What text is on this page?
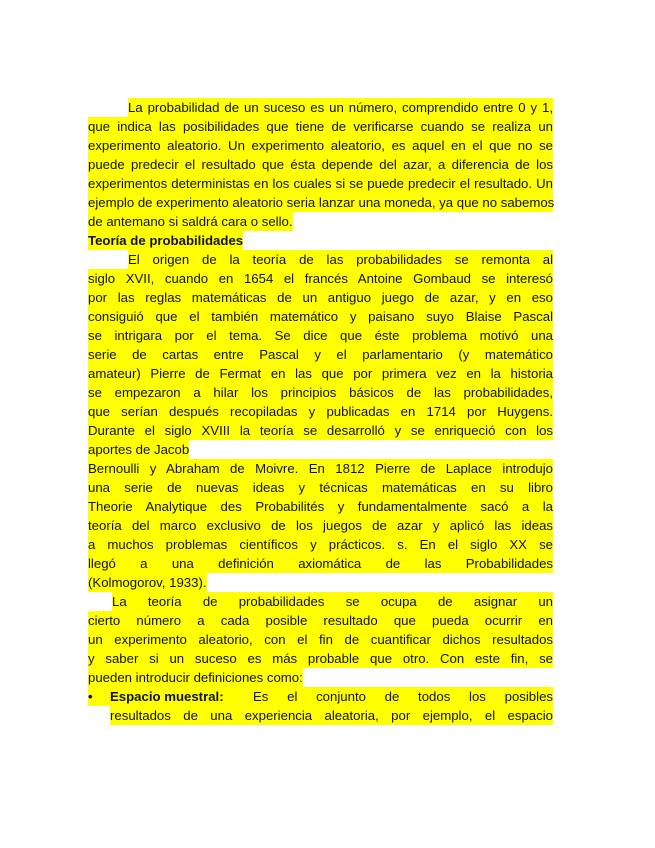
La probabilidad de un suceso es un número, comprendido entre 0 y 1,
que indica las posibilidades que tiene de verificarse cuando se realiza un
experimento aleatorio. Un experimento aleatorio, es aquel en el que no se
puede predecir el resultado que ésta depende del azar, a diferencia de los
experimentos deterministas en los cuales si se puede predecir el resultado. Un
ejemplo de experimento aleatorio seria lanzar una moneda, ya que no sabemos
de antemano si saldrá cara o sello.
Teoría de probabilidades
El origen de la teoría de las probabilidades se remonta al
siglo XVII, cuando en 1654 el francés Antoine Gombaud se interesó
por las reglas matemáticas de un antiguo juego de azar, y en eso
consiguió que el también matemático y paisano suyo Blaise Pascal
se intrigara por el tema. Se dice que éste problema motivó una
serie de cartas entre Pascal y el parlamentario (y matemático
amateur) Pierre de Fermat en las que por primera vez en la historia
se empezaron a hilar los principios básicos de las probabilidades,
que serían después recopiladas y publicadas en 1714 por Huygens.
Durante el siglo XVIII la teoría se desarrolló y se enriqueció con los
aportes de Jacob
Bernoulli y Abraham de Moivre. En 1812 Pierre de Laplace introdujo
una serie de nuevas ideas y técnicas matemáticas en su libro
Theorie Analytique des Probabilités y fundamentalmente sacó a la
teoría del marco exclusivo de los juegos de azar y aplicó las ideas
a muchos problemas científicos y prácticos. s. En el siglo XX se
llegó a una definición axiomática de las Probabilidades
(Kolmogorov, 1933).
La teoría de probabilidades se ocupa de asignar un
cierto número a cada posible resultado que pueda ocurrir en
un experimento aleatorio, con el fin de cuantificar dichos resultados
y saber si un suceso es más probable que otro. Con este fin, se
pueden introducir definiciones como:
• Espacio muestral: Es el conjunto de todos los posibles
resultados de una experiencia aleatoria, por ejemplo, el espacio
